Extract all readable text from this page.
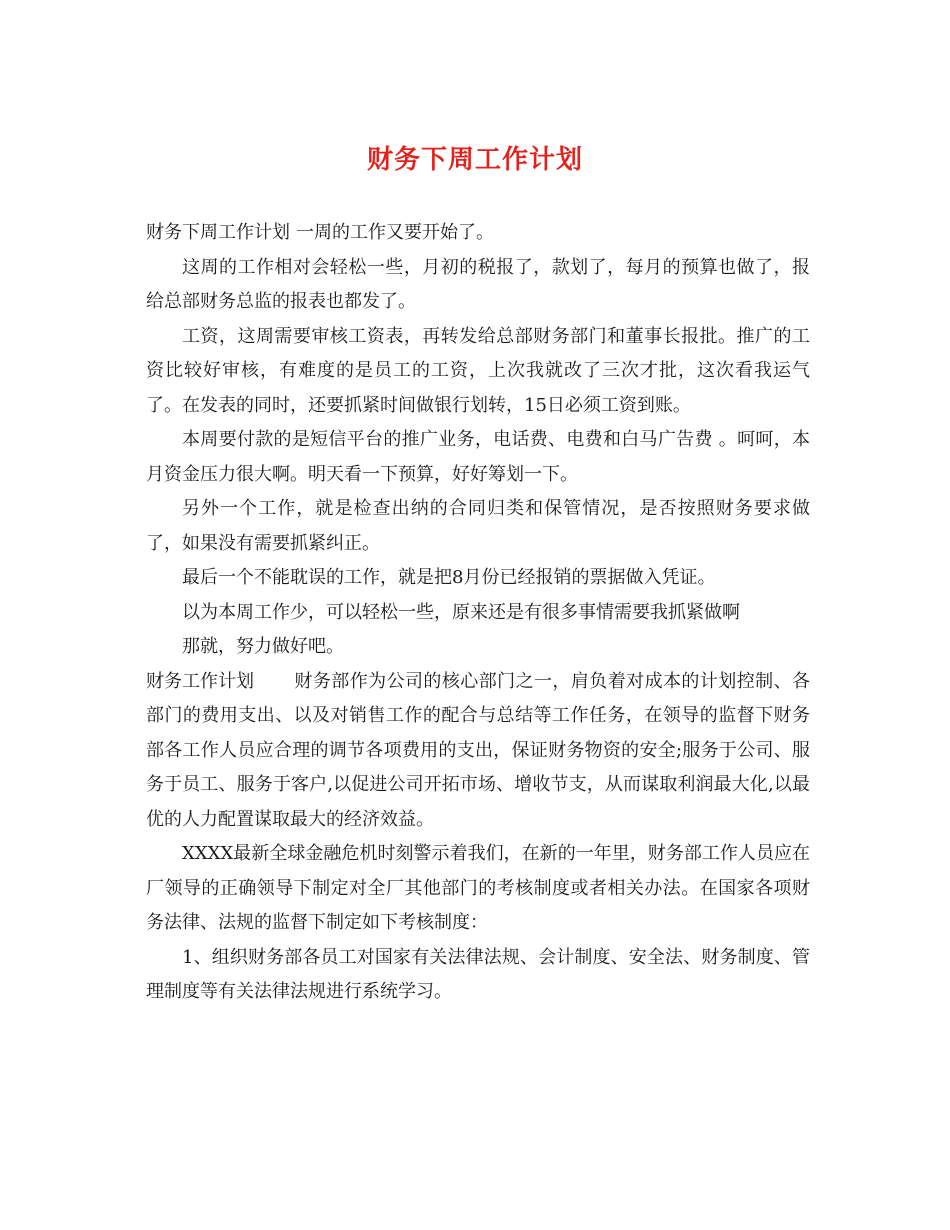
财务下周工作计划

财务下周工作计划 一周的工作又要开始了。

这周的工作相对会轻松一些，月初的税报了，款划了，每月的预算也做了，报给总部财务总监的报表也都发了。

工资，这周需要审核工资表，再转发给总部财务部门和董事长报批。推广的工资比较好审核，有难度的是员工的工资，上次我就改了三次才批，这次看我运气了。在发表的同时，还要抓紧时间做银行划转，15日必须工资到账。

本周要付款的是短信平台的推广业务，电话费、电费和白马广告费 。呵呵，本月资金压力很大啊。明天看一下预算，好好筹划一下。

另外一个工作，就是检查出纳的合同归类和保管情况，是否按照财务要求做了，如果没有需要抓紧纠正。

最后一个不能耽误的工作，就是把8月份已经报销的票据做入凭证。

以为本周工作少，可以轻松一些，原来还是有很多事情需要我抓紧做啊

那就，努力做好吧。

财务工作计划 财务部作为公司的核心部门之一，肩负着对成本的计划控制、各部门的费用支出、以及对销售工作的配合与总结等工作任务，在领导的监督下财务部各工作人员应合理的调节各项费用的支出，保证财务物资的安全;服务于公司、服务于员工、服务于客户,以促进公司开拓市场、增收节支，从而谋取利润最大化,以最优的人力配置谋取最大的经济效益。

XXXX最新全球金融危机时刻警示着我们，在新的一年里，财务部工作人员应在厂领导的正确领导下制定对全厂其他部门的考核制度或者相关办法。在国家各项财务法律、法规的监督下制定如下考核制度：

1、组织财务部各员工对国家有关法律法规、会计制度、安全法、财务制度、管理制度等有关法律法规进行系统学习。
